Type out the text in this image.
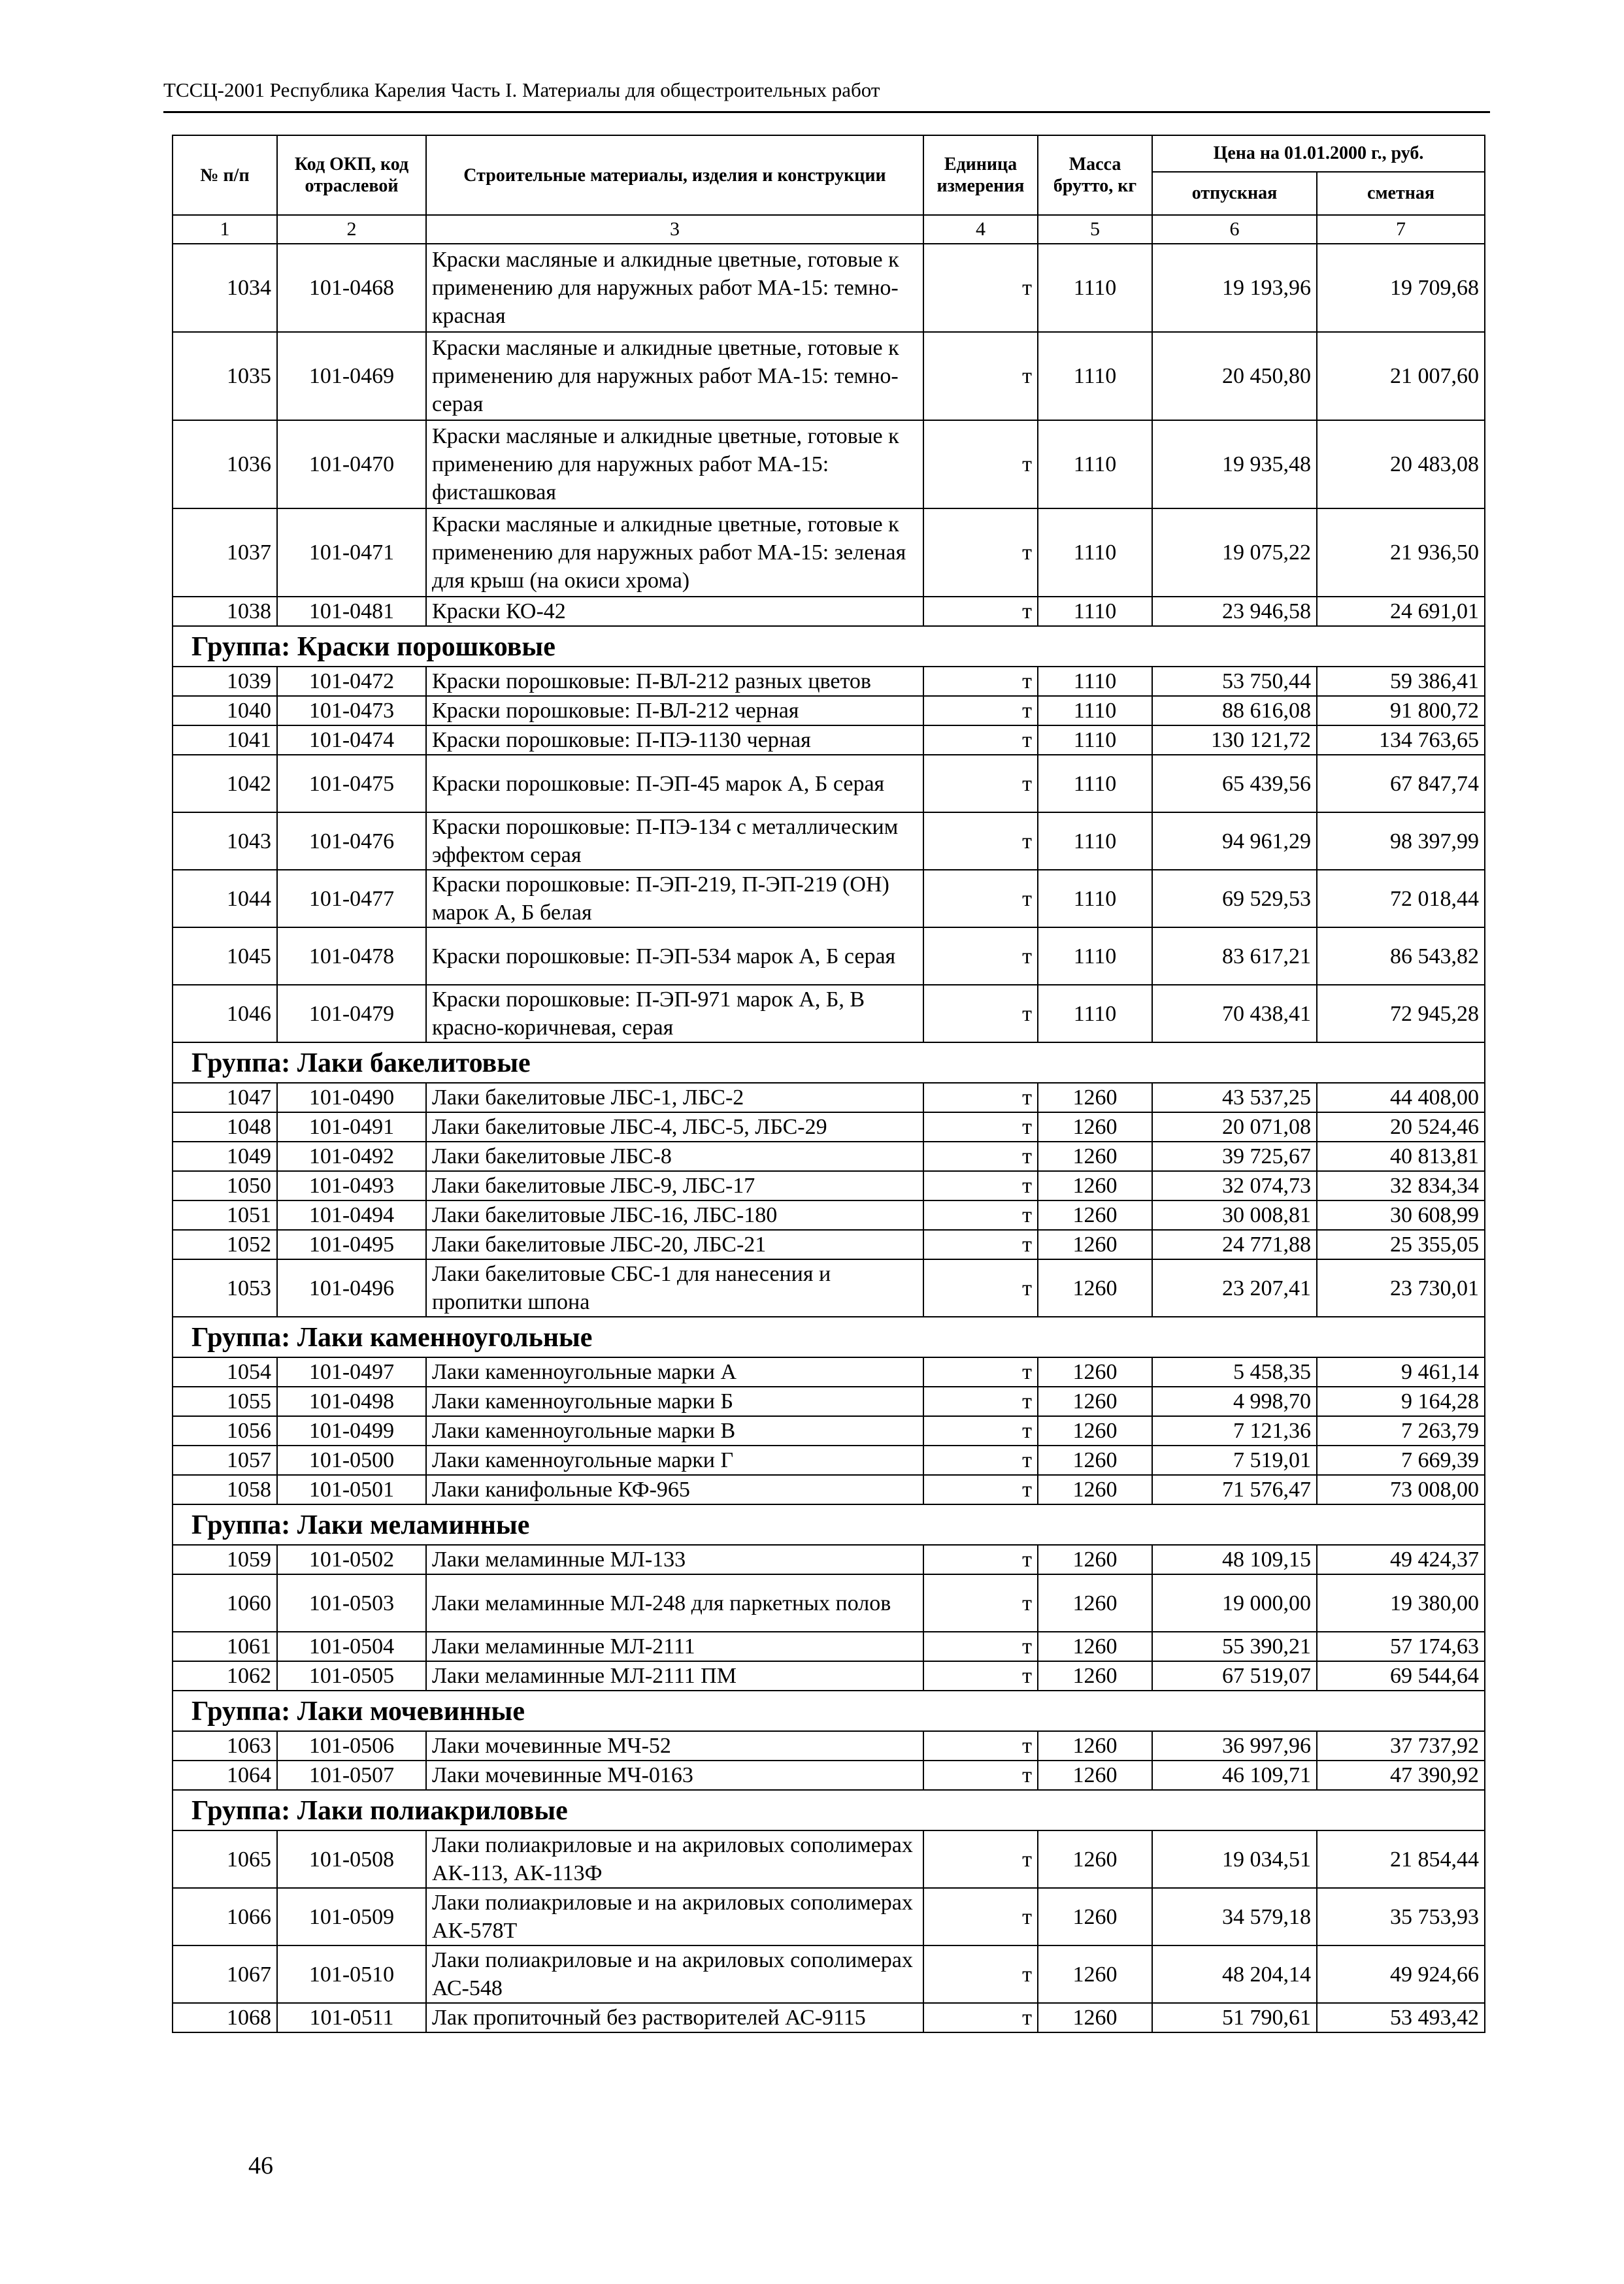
ТССЦ-2001 Республика Карелия Часть I. Материалы для общестроительных работ
№ п/п	Код ОКП, код отраслевой	Строительные материалы, изделия и конструкции	Единица измерения	Масса брутто, кг	Цена на 01.01.2000 г., руб.	
					отпускная	сметная
1	2	3	4	5	6	7
1034	101-0468	Краски масляные и алкидные цветные, готовые к применению для наружных работ МА-15: темно-красная	т	1110	19 193,96	19 709,68
1035	101-0469	Краски масляные и алкидные цветные, готовые к применению для наружных работ МА-15: темно-серая	т	1110	20 450,80	21 007,60
1036	101-0470	Краски масляные и алкидные цветные, готовые к применению для наружных работ МА-15: фисташковая	т	1110	19 935,48	20 483,08
1037	101-0471	Краски масляные и алкидные цветные, готовые к применению для наружных работ МА-15: зеленая для крыш (на окиси хрома)	т	1110	19 075,22	21 936,50
1038	101-0481	Краски КО-42	т	1110	23 946,58	24 691,01
Группа: Краски порошковые						
1039	101-0472	Краски порошковые: П-ВЛ-212 разных цветов	т	1110	53 750,44	59 386,41
1040	101-0473	Краски порошковые: П-ВЛ-212 черная	т	1110	88 616,08	91 800,72
1041	101-0474	Краски порошковые: П-ПЭ-1130 черная	т	1110	130 121,72	134 763,65
1042	101-0475	Краски порошковые: П-ЭП-45 марок А, Б серая	т	1110	65 439,56	67 847,74
1043	101-0476	Краски порошковые: П-ПЭ-134 с металлическим эффектом серая	т	1110	94 961,29	98 397,99
1044	101-0477	Краски порошковые: П-ЭП-219, П-ЭП-219 (ОН) марок А, Б белая	т	1110	69 529,53	72 018,44
1045	101-0478	Краски порошковые: П-ЭП-534 марок А, Б серая	т	1110	83 617,21	86 543,82
1046	101-0479	Краски порошковые: П-ЭП-971 марок А, Б, В красно-коричневая, серая	т	1110	70 438,41	72 945,28
Группа: Лаки бакелитовые						
1047	101-0490	Лаки бакелитовые ЛБС-1, ЛБС-2	т	1260	43 537,25	44 408,00
1048	101-0491	Лаки бакелитовые ЛБС-4, ЛБС-5, ЛБС-29	т	1260	20 071,08	20 524,46
1049	101-0492	Лаки бакелитовые ЛБС-8	т	1260	39 725,67	40 813,81
1050	101-0493	Лаки бакелитовые ЛБС-9, ЛБС-17	т	1260	32 074,73	32 834,34
1051	101-0494	Лаки бакелитовые ЛБС-16, ЛБС-180	т	1260	30 008,81	30 608,99
1052	101-0495	Лаки бакелитовые ЛБС-20, ЛБС-21	т	1260	24 771,88	25 355,05
1053	101-0496	Лаки бакелитовые СБС-1 для нанесения и пропитки шпона	т	1260	23 207,41	23 730,01
Группа: Лаки каменноугольные						
1054	101-0497	Лаки каменноугольные марки А	т	1260	5 458,35	9 461,14
1055	101-0498	Лаки каменноугольные марки Б	т	1260	4 998,70	9 164,28
1056	101-0499	Лаки каменноугольные марки В	т	1260	7 121,36	7 263,79
1057	101-0500	Лаки каменноугольные марки Г	т	1260	7 519,01	7 669,39
1058	101-0501	Лаки канифольные КФ-965	т	1260	71 576,47	73 008,00
Группа: Лаки меламинные						
1059	101-0502	Лаки меламинные МЛ-133	т	1260	48 109,15	49 424,37
1060	101-0503	Лаки меламинные МЛ-248 для паркетных полов	т	1260	19 000,00	19 380,00
1061	101-0504	Лаки меламинные МЛ-2111	т	1260	55 390,21	57 174,63
1062	101-0505	Лаки меламинные МЛ-2111 ПМ	т	1260	67 519,07	69 544,64
Группа: Лаки мочевинные						
1063	101-0506	Лаки мочевинные МЧ-52	т	1260	36 997,96	37 737,92
1064	101-0507	Лаки мочевинные МЧ-0163	т	1260	46 109,71	47 390,92
Группа: Лаки полиакриловые						
1065	101-0508	Лаки полиакриловые и на акриловых сополимерах АК-113, АК-113Ф	т	1260	19 034,51	21 854,44
1066	101-0509	Лаки полиакриловые и на акриловых сополимерах АК-578Т	т	1260	34 579,18	35 753,93
1067	101-0510	Лаки полиакриловые и на акриловых сополимерах АС-548	т	1260	48 204,14	49 924,66
1068	101-0511	Лак пропиточный без растворителей АС-9115	т	1260	51 790,61	53 493,42
46
